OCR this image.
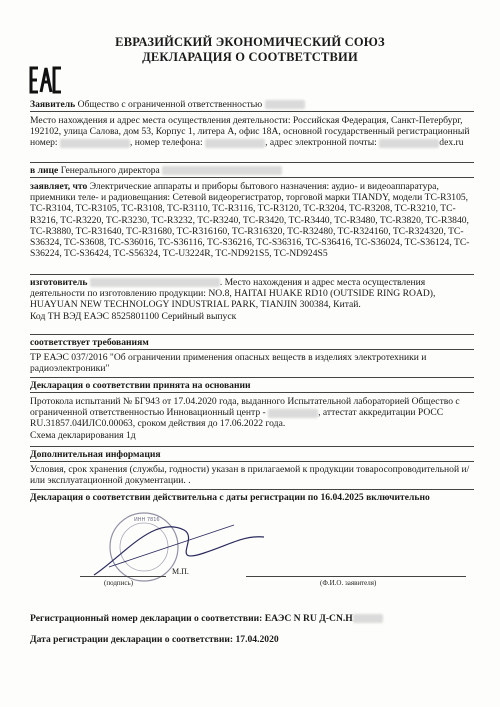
ЕВРАЗИЙСКИЙ ЭКОНОМИЧЕСКИЙ СОЮЗ
ДЕКЛАРАЦИЯ О СООТВЕТСТВИИ
Заявитель Общество с ограниченной ответственностью
Место нахождения и адрес места осуществления деятельности: Российская Федерация, Санкт-Петербург, 192102, улица Салова, дом 53, Корпус 1, литера А, офис 18А, основной государственный регистрационный номер:	, номер телефона:	, адрес электронной почты:	dex.ru
в лице Генерального директора
заявляет, что Электрические аппараты и приборы бытового назначения: аудио- и видеоаппаратура, приемники теле- и радиовещания: Сетевой видеорегистратор, торговой марки TIANDY, модели TC-R3105, TC-R3104, TC-R3105, TC-R3108, TC-R3110, TC-R3116, TC-R3120, TC-R3204, TC-R3208, TC-R3210, TC-R3216, TC-R3220, TC-R3230, TC-R3232, TC-R3240, TC-R3420, TC-R3440, TC-R3480, TC-R3820, TC-R3840, TC-R3880, TC-R31640, TC-R31680, TC-R316160, TC-R316320, TC-R32480, TC-R324160, TC-R324320, TC-S36324, TC-S3608, TC-S36016, TC-S36116, TC-S36216, TC-S36316, TC-S36416, TC-S36024, TC-S36124, TC-S36224, TC-S36424, TC-S56324, TC-U3224R, TC-ND921S5, TC-ND924S5
изготовитель	. Место нахождения и адрес места осуществления деятельности по изготовлению продукции: NO.8, HAITAI HUAKE RD10 (OUTSIDE RING ROAD), HUAYUAN NEW TECHNOLOGY INDUSTRIAL PARK, TIANJIN 300384, Китай.
Код ТН ВЭД ЕАЭС 8525801100 Серийный выпуск
соответствует требованиям
ТР ЕАЭС 037/2016 "Об ограничении применения опасных веществ в изделиях электротехники и радиоэлектроники"
Декларация о соответствии принята на основании
Протокола испытаний № БГ943 от 17.04.2020 года, выданного Испытательной лабораторией Общество с ограниченной ответственностью Инновационный центр -	, аттестат аккредитации РОСС RU.31857.04ИЛС0.00063, сроком действия до 17.06.2022 года.
Схема декларирования 1д
Дополнительная информация
Условия, срок хранения (службы, годности) указан в прилагаемой к продукции товаросопроводительной и/или эксплуатационной документации. .
Декларация о соответствии действительна с даты регистрации по 16.04.2025 включительно
ИНН 7816
М.П.
(подпись)	(Ф.И.О. заявителя)
Регистрационный номер декларации о соответствии: ЕАЭС N RU Д-CN.H
Дата регистрации декларации о соответствии: 17.04.2020
